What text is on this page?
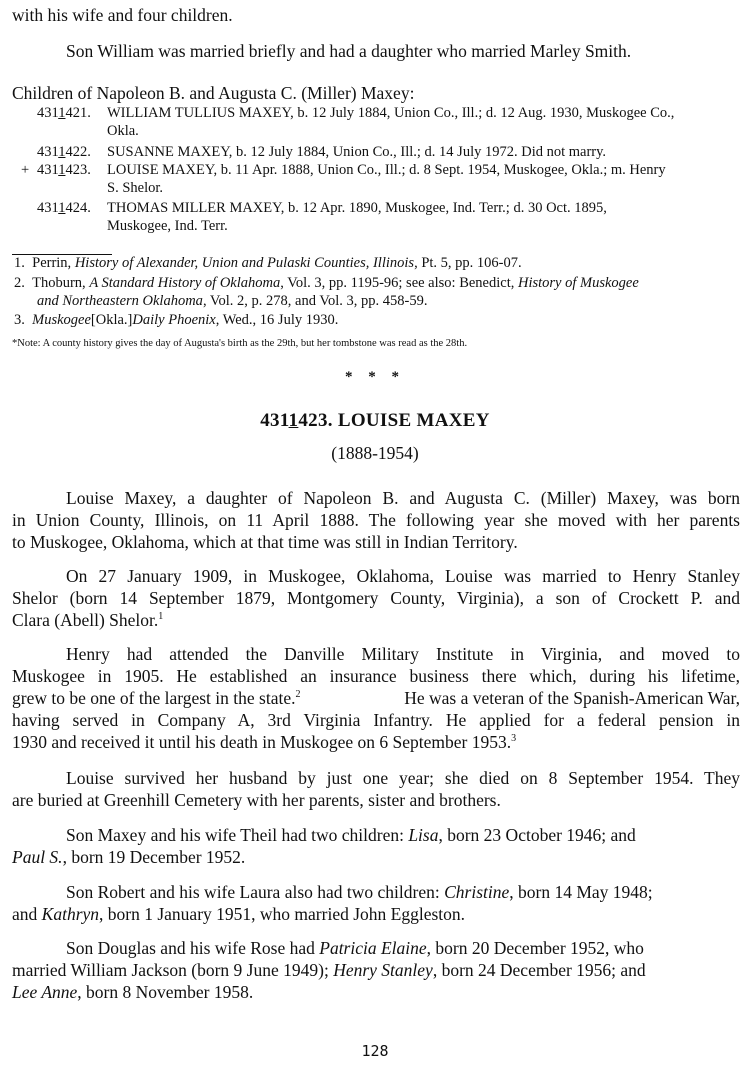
with his wife and four children.
Son William was married briefly and had a daughter who married Marley Smith.
Children of Napoleon B. and Augusta C. (Miller) Maxey:
4311421. WILLIAM TULLIUS MAXEY, b. 12 July 1884, Union Co., Ill.; d. 12 Aug. 1930, Muskogee Co.,
Okla.
4311422. SUSANNE MAXEY, b. 12 July 1884, Union Co., Ill.; d. 14 July 1972. Did not marry.
+ 4311423. LOUISE MAXEY, b. 11 Apr. 1888, Union Co., Ill.; d. 8 Sept. 1954, Muskogee, Okla.; m. Henry
S. Shelor.
4311424. THOMAS MILLER MAXEY, b. 12 Apr. 1890, Muskogee, Ind. Terr.; d. 30 Oct. 1895,
Muskogee, Ind. Terr.
1. Perrin, History of Alexander, Union and Pulaski Counties, Illinois, Pt. 5, pp. 106-07.
2. Thoburn, A Standard History of Oklahoma, Vol. 3, pp. 1195-96; see also: Benedict, History of Muskogee
and Northeastern Oklahoma, Vol. 2, p. 278, and Vol. 3, pp. 458-59.
3. Muskogee[Okla.]Daily Phoenix, Wed., 16 July 1930.
*Note: A county history gives the day of Augusta's birth as the 29th, but her tombstone was read as the 28th.
* * *
4311423. LOUISE MAXEY
(1888-1954)
Louise Maxey, a daughter of Napoleon B. and Augusta C. (Miller) Maxey, was born
in Union County, Illinois, on 11 April 1888. The following year she moved with her parents
to Muskogee, Oklahoma, which at that time was still in Indian Territory.
On 27 January 1909, in Muskogee, Oklahoma, Louise was married to Henry Stanley
Shelor (born 14 September 1879, Montgomery County, Virginia), a son of Crockett P. and
Clara (Abell) Shelor.$^1$
Henry had attended the Danville Military Institute in Virginia, and moved to
Muskogee in 1905. He established an insurance business there which, during his lifetime,
grew to be one of the largest in the state.$^2$	He was a veteran of the Spanish-American War,
having served in Company A, 3rd Virginia Infantry. He applied for a federal pension in
1930 and received it until his death in Muskogee on 6 September 1953.$^3$
Louise survived her husband by just one year; she died on 8 September 1954. They
are buried at Greenhill Cemetery with her parents, sister and brothers.
Son Maxey and his wife Theil had two children: Lisa, born 23 October 1946; and
Paul S., born 19 December 1952.
Son Robert and his wife Laura also had two children: Christine, born 14 May 1948;
and Kathryn, born 1 January 1951, who married John Eggleston.
Son Douglas and his wife Rose had Patricia Elaine, born 20 December 1952, who
married William Jackson (born 9 June 1949); Henry Stanley, born 24 December 1956; and
Lee Anne, born 8 November 1958.
128
